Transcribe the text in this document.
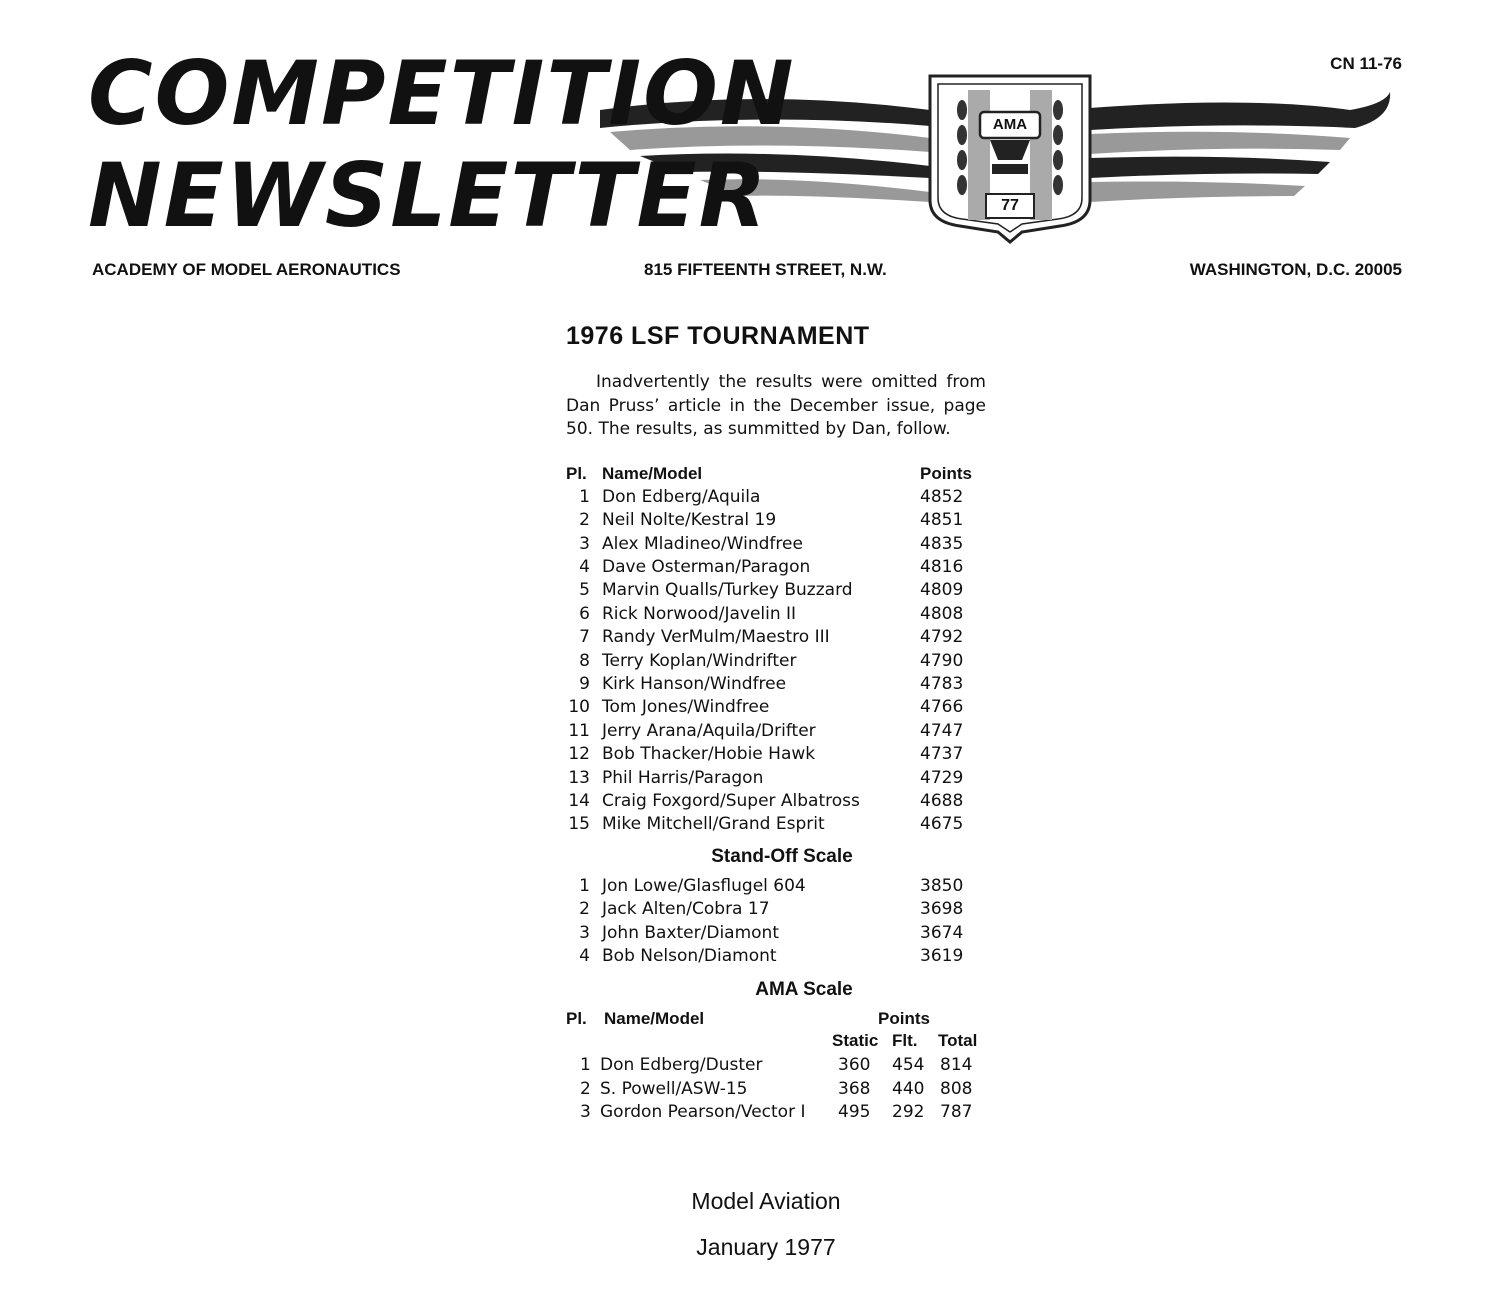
COMPETITION
NEWSLETTER
AMA
77
CN 11-76
ACADEMY OF MODEL AERONAUTICS	815 FIFTEENTH STREET, N.W.	WASHINGTON, D.C. 20005
1976 LSF TOURNAMENT

Inadvertently the results were omitted from Dan Pruss’ article in the December issue, page 50. The results, as summitted by Dan, follow.

Pl. Name/Model	Points
1 Don Edberg/Aquila	4852
2 Neil Nolte/Kestral 19	4851
3 Alex Mladineo/Windfree	4835
4 Dave Osterman/Paragon	4816
5 Marvin Qualls/Turkey Buzzard	4809
6 Rick Norwood/Javelin II	4808
7 Randy VerMulm/Maestro III	4792
8 Terry Koplan/Windrifter	4790
9 Kirk Hanson/Windfree	4783
10 Tom Jones/Windfree	4766
11 Jerry Arana/Aquila/Drifter	4747
12 Bob Thacker/Hobie Hawk	4737
13 Phil Harris/Paragon	4729
14 Craig Foxgord/Super Albatross	4688
15 Mike Mitchell/Grand Esprit	4675
Stand-Off Scale
1 Jon Lowe/Glasflugel 604	3850
2 Jack Alten/Cobra 17	3698
3 John Baxter/Diamont	3674
4 Bob Nelson/Diamont	3619
AMA Scale
Pl. Name/Model	Points
Static Flt. Total
1 Don Edberg/Duster	360 454 814
2 S. Powell/ASW-15	368 440 808
3 Gordon Pearson/Vector I 495 292 787
Model Aviation
January 1977
